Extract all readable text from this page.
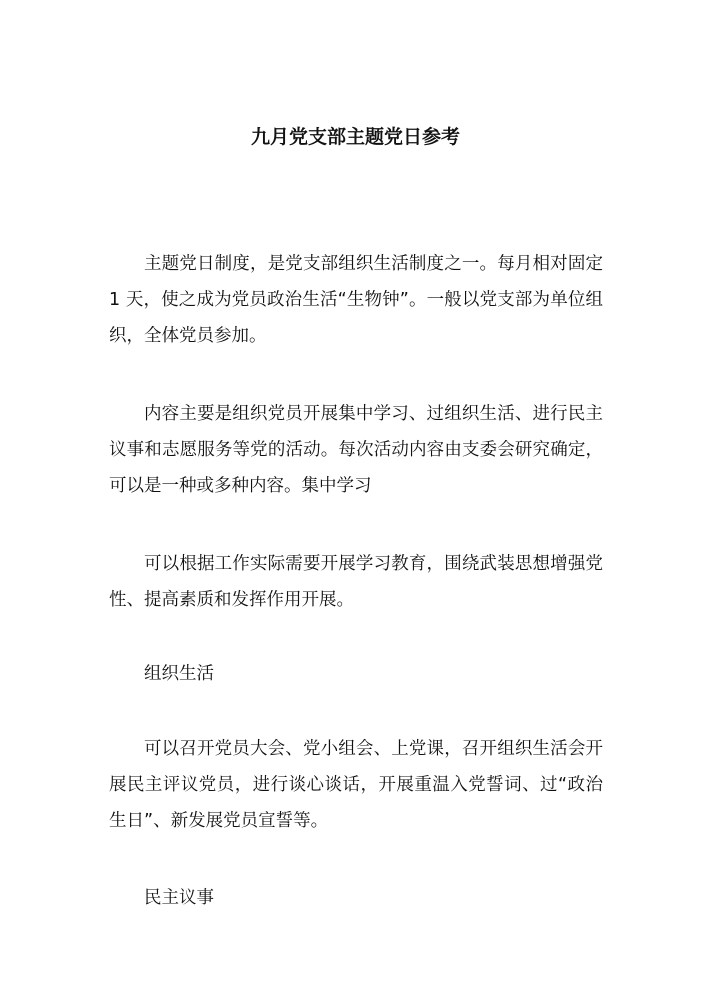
九月党支部主题党日参考

主题党日制度，是党支部组织生活制度之一。每月相对固定 1 天，使之成为党员政治生活“生物钟”。一般以党支部为单位组织，全体党员参加。

内容主要是组织党员开展集中学习、过组织生活、进行民主议事和志愿服务等党的活动。每次活动内容由支委会研究确定，可以是一种或多种内容。集中学习

可以根据工作实际需要开展学习教育，围绕武装思想增强党性、提高素质和发挥作用开展。

组织生活

可以召开党员大会、党小组会、上党课，召开组织生活会开展民主评议党员，进行谈心谈话，开展重温入党誓词、过“政治生日”、新发展党员宣誓等。

民主议事
